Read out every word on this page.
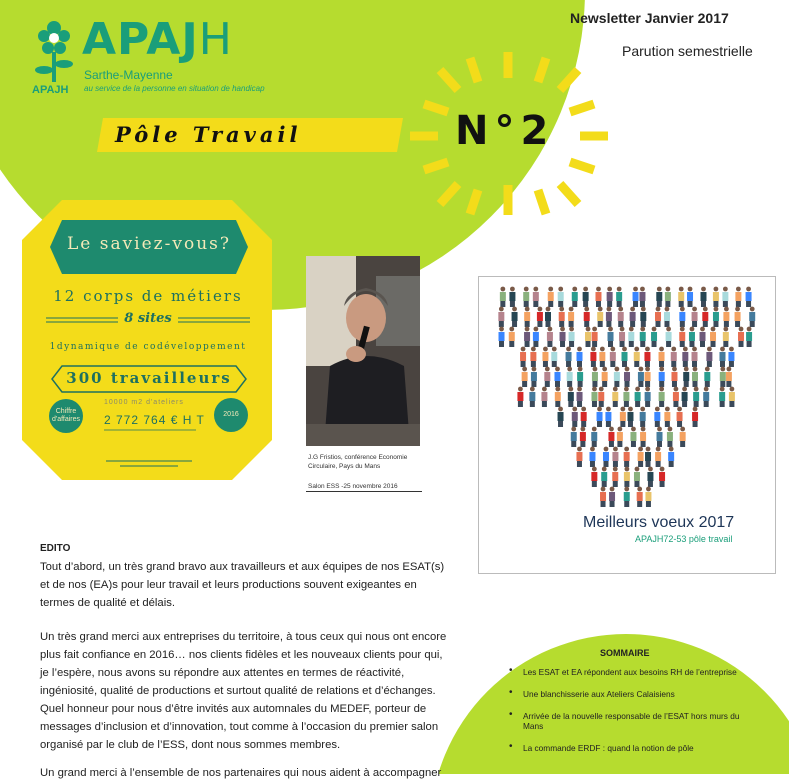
Newsletter Janvier 2017
Parution semestrielle
APAJH
Sarthe-Mayenne
au service de la personne en situation de handicap
APAJH
Pôle Travail	N°2
Le saviez-vous?
12 corps de métiers
8 sites
1dynamique de codéveloppement
300 travailleurs
Chiffre d'affaires
2016
10000 m2 d'ateliers
2 772 764 € H T
J.G Fristios, conférence Economie Circulaire, Pays du Mans
Salon ESS -25 novembre 2016
Meilleurs voeux 2017
APAJH72-53 pôle travail
EDITO
Tout d’abord, un très grand bravo aux travailleurs et aux équipes de nos ESAT(s) et de nos (EA)s pour leur travail et leurs productions souvent exigeantes en termes de qualité et délais.
Un très grand merci aux entreprises du territoire, à tous ceux qui nous ont encore plus fait confiance en 2016… nos clients fidèles et les nouveaux clients pour qui, je l’espère, nous avons su répondre aux attentes en termes de réactivité, ingéniosité, qualité de productions et surtout qualité de relations et d’échanges. Quel honneur pour nous d’être invités aux automnales du MEDEF, porteur de messages d’inclusion et d’innovation, tout comme à l’occasion du premier salon organisé par le club de l’ESS, dont nous sommes membres.
Un grand merci à l’ensemble de nos partenaires qui nous aident à accompagner
SOMMAIRE
• Les ESAT et EA répondent aux besoins RH de l’entreprise
• Une blanchisserie aux Ateliers Calaisiens
• Arrivée de la nouvelle responsable de l’ESAT hors murs du Mans
• La commande ERDF : quand la notion de pôle
